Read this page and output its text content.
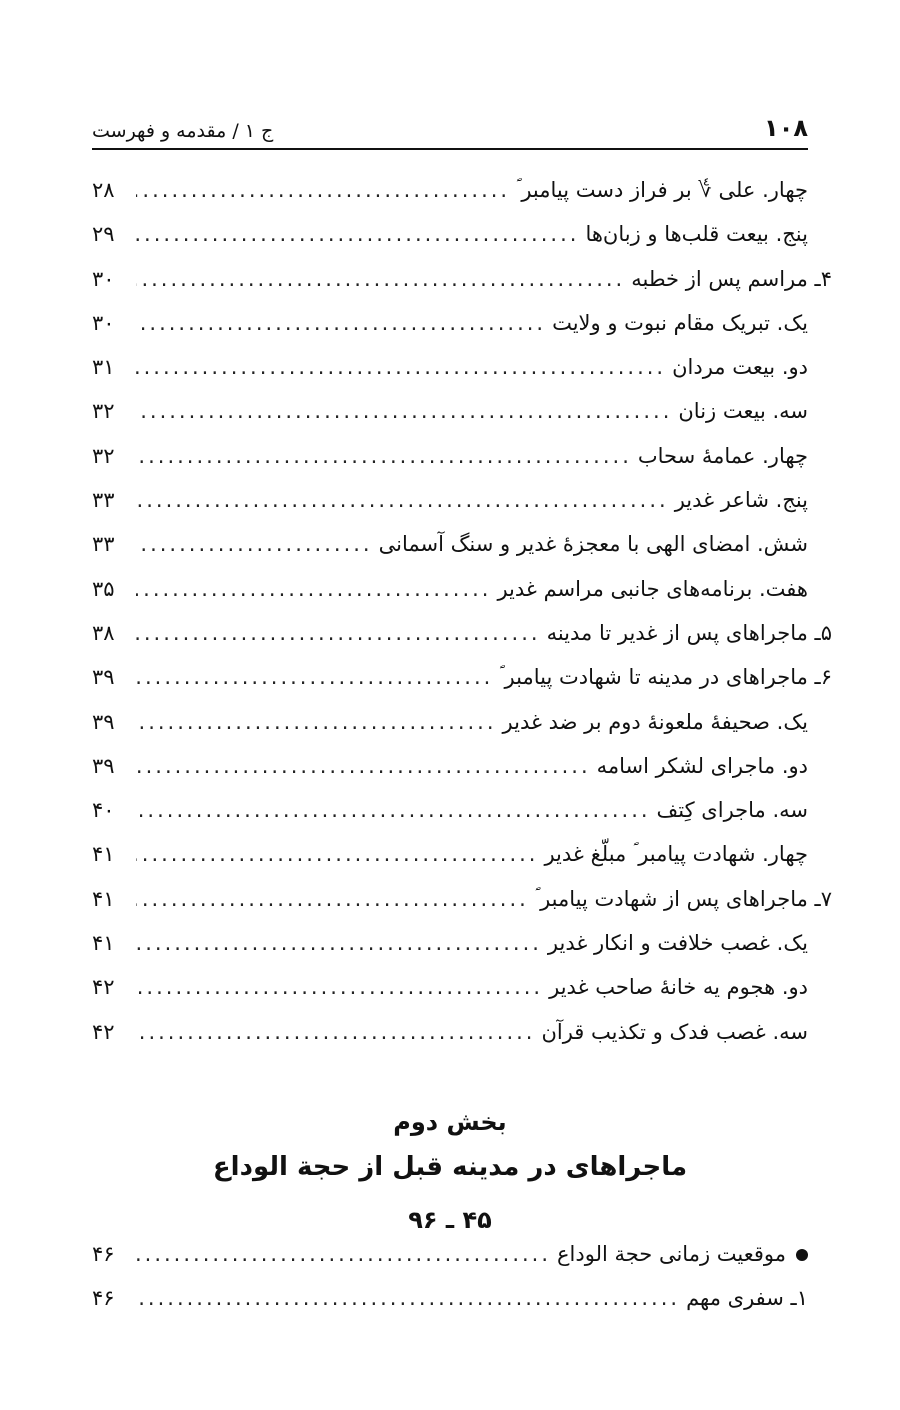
۱۰۸
ج ۱ / مقدمه و فهرست
چهار. علی ؇ بر فراز دست پیامبر ؐ
.....
۲۸
پنج. بیعت قلب‌ها و زبان‌ها
.....
۲۹
۴ـ مراسم پس از خطبه
.....
۳۰
یک. تبریک مقام نبوت و ولایت
.....
۳۰
دو. بیعت مردان
.....
۳۱
سه. بیعت زنان
.....
۳۲
چهار. عمامهٔ سحاب
.....
۳۲
پنج. شاعر غدیر
.....
۳۳
شش. امضای الهی با معجزهٔ غدیر و سنگ آسمانی
.....
۳۳
هفت. برنامه‌های جانبی مراسم غدیر
.....
۳۵
۵ـ ماجراهای پس از غدیر تا مدینه
.....
۳۸
۶ـ ماجراهای در مدینه تا شهادت پیامبر ؐ
.....
۳۹
یک. صحیفهٔ ملعونهٔ دوم بر ضد غدیر
.....
۳۹
دو. ماجرای لشکر اسامه
.....
۳۹
سه. ماجرای کِتف
.....
۴۰
چهار. شهادت پیامبر ؐ مبلّغ غدیر
.....
۴۱
۷ـ ماجراهای پس از شهادت پیامبر ؐ
.....
۴۱
یک. غصب خلافت و انکار غدیر
.....
۴۱
دو. هجوم یه خانهٔ صاحب غدیر
.....
۴۲
سه. غصب فدک و تکذیب قرآن
.....
۴۲
بخش دوم
ماجراهای در مدینه قبل از حجة الوداع
۴۵ ـ ۹۶
موقعیت زمانی حجة الوداع
.....
۴۶
۱ـ سفری مهم
.....
۴۶
